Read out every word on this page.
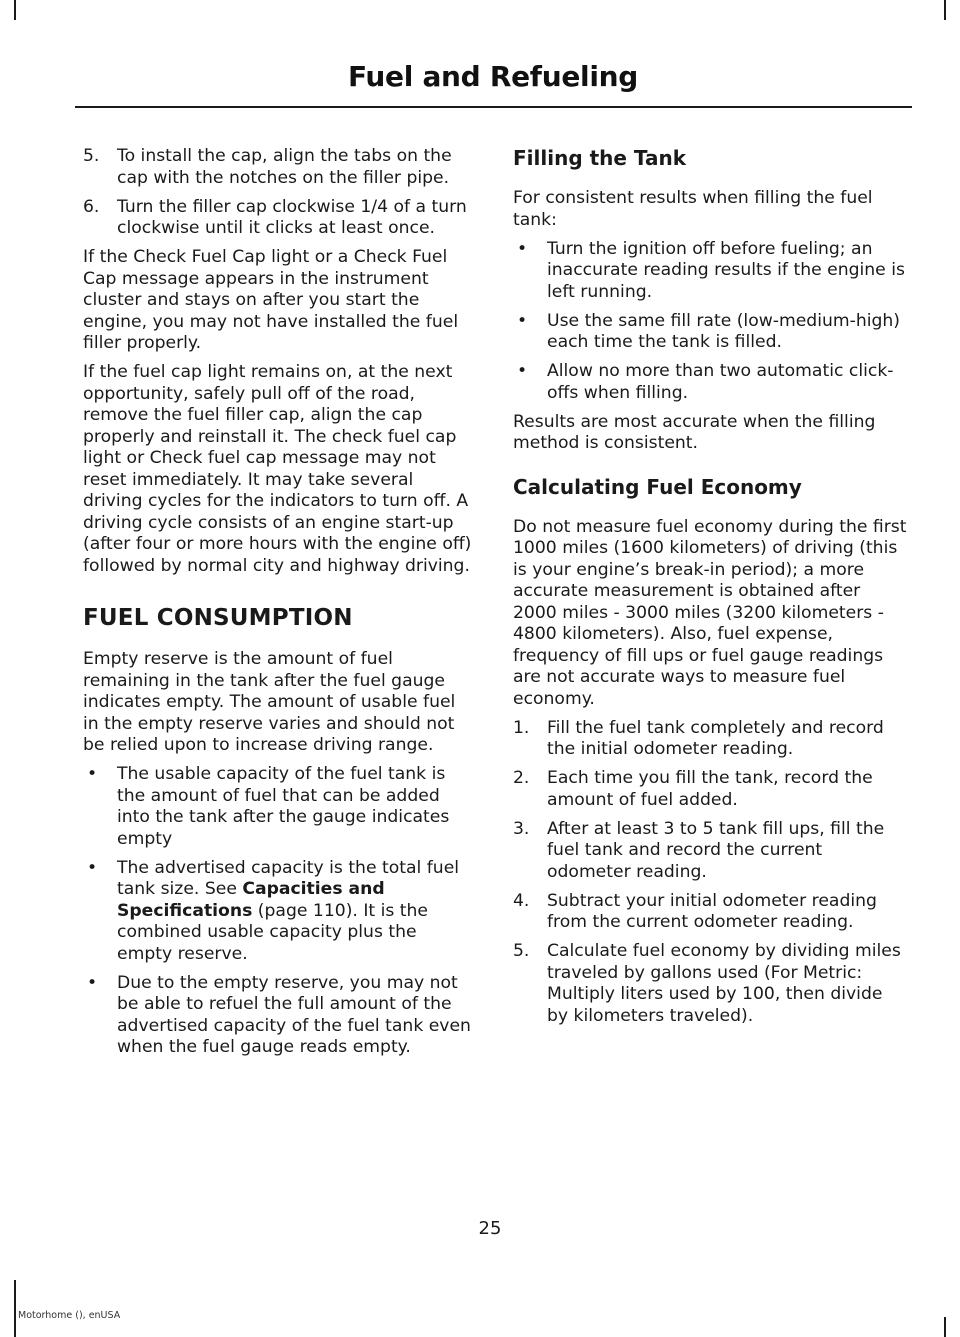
Fuel and Refueling
5. To install the cap, align the tabs on the cap with the notches on the filler pipe.
6. Turn the filler cap clockwise 1/4 of a turn clockwise until it clicks at least once.

If the Check Fuel Cap light or a Check Fuel Cap message appears in the instrument cluster and stays on after you start the engine, you may not have installed the fuel filler properly.

If the fuel cap light remains on, at the next opportunity, safely pull off of the road, remove the fuel filler cap, align the cap properly and reinstall it. The check fuel cap light or Check fuel cap message may not reset immediately. It may take several driving cycles for the indicators to turn off. A driving cycle consists of an engine start-up (after four or more hours with the engine off) followed by normal city and highway driving.

FUEL CONSUMPTION

Empty reserve is the amount of fuel remaining in the tank after the fuel gauge indicates empty. The amount of usable fuel in the empty reserve varies and should not be relied upon to increase driving range.

• The usable capacity of the fuel tank is the amount of fuel that can be added into the tank after the gauge indicates empty
• The advertised capacity is the total fuel tank size. See Capacities and Specifications (page 110). It is the combined usable capacity plus the empty reserve.
• Due to the empty reserve, you may not be able to refuel the full amount of the advertised capacity of the fuel tank even when the fuel gauge reads empty.
Filling the Tank

For consistent results when filling the fuel tank:

• Turn the ignition off before fueling; an inaccurate reading results if the engine is left running.
• Use the same fill rate (low-medium-high) each time the tank is filled.
• Allow no more than two automatic click-offs when filling.

Results are most accurate when the filling method is consistent.

Calculating Fuel Economy

Do not measure fuel economy during the first 1000 miles (1600 kilometers) of driving (this is your engine’s break-in period); a more accurate measurement is obtained after 2000 miles - 3000 miles (3200 kilometers - 4800 kilometers). Also, fuel expense, frequency of fill ups or fuel gauge readings are not accurate ways to measure fuel economy.

1. Fill the fuel tank completely and record the initial odometer reading.
2. Each time you fill the tank, record the amount of fuel added.
3. After at least 3 to 5 tank fill ups, fill the fuel tank and record the current odometer reading.
4. Subtract your initial odometer reading from the current odometer reading.
5. Calculate fuel economy by dividing miles traveled by gallons used (For Metric: Multiply liters used by 100, then divide by kilometers traveled).
25
Motorhome (), enUSA
